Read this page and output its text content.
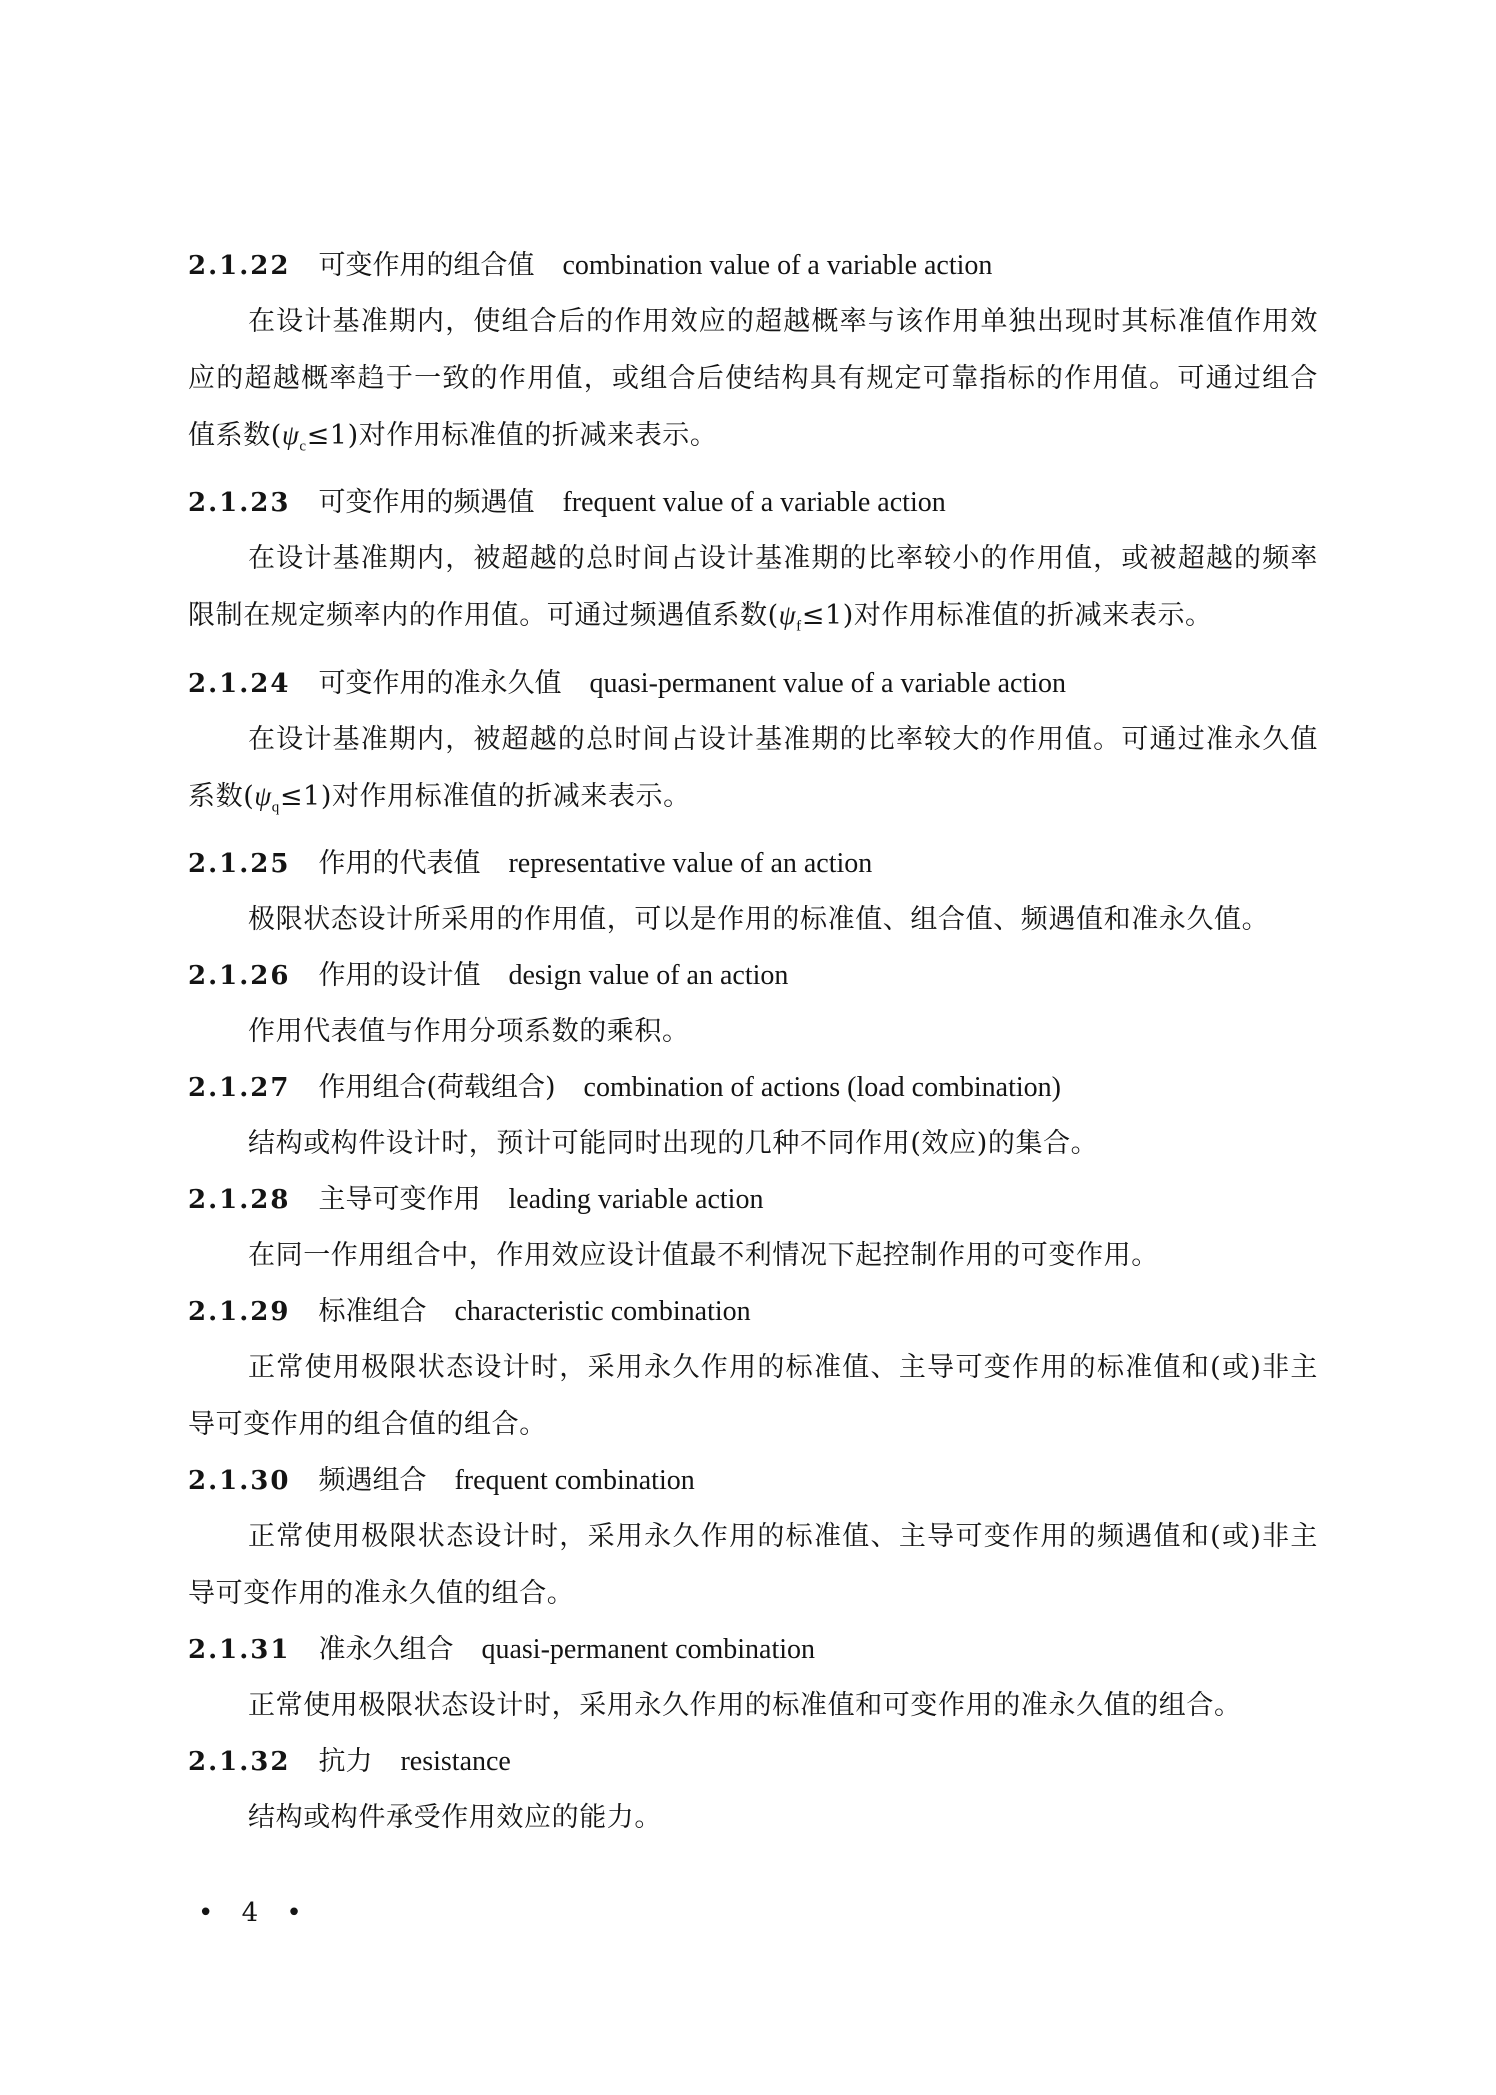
2.1.22 可变作用的组合值 combination value of a variable action

在设计基准期内，使组合后的作用效应的超越概率与该作用单独出现时其标准值作用效应的超越概率趋于一致的作用值，或组合后使结构具有规定可靠指标的作用值。可通过组合值系数$(\psi_c\le 1)$对作用标准值的折减来表示。

2.1.23 可变作用的频遇值 frequent value of a variable action

在设计基准期内，被超越的总时间占设计基准期的比率较小的作用值，或被超越的频率限制在规定频率内的作用值。可通过频遇值系数$(\psi_f\le 1)$对作用标准值的折减来表示。

2.1.24 可变作用的准永久值 quasi-permanent value of a variable action

在设计基准期内，被超越的总时间占设计基准期的比率较大的作用值。可通过准永久值系数$(\psi_q\le 1)$对作用标准值的折减来表示。

2.1.25 作用的代表值 representative value of an action

极限状态设计所采用的作用值，可以是作用的标准值、组合值、频遇值和准永久值。

2.1.26 作用的设计值 design value of an action

作用代表值与作用分项系数的乘积。

2.1.27 作用组合(荷载组合) combination of actions (load combination)

结构或构件设计时，预计可能同时出现的几种不同作用(效应)的集合。

2.1.28 主导可变作用 leading variable action

在同一作用组合中，作用效应设计值最不利情况下起控制作用的可变作用。

2.1.29 标准组合 characteristic combination

正常使用极限状态设计时，采用永久作用的标准值、主导可变作用的标准值和(或)非主导可变作用的组合值的组合。

2.1.30 频遇组合 frequent combination

正常使用极限状态设计时，采用永久作用的标准值、主导可变作用的频遇值和(或)非主导可变作用的准永久值的组合。

2.1.31 准永久组合 quasi-permanent combination

正常使用极限状态设计时，采用永久作用的标准值和可变作用的准永久值的组合。

2.1.32 抗力 resistance

结构或构件承受作用效应的能力。

• 4 •
